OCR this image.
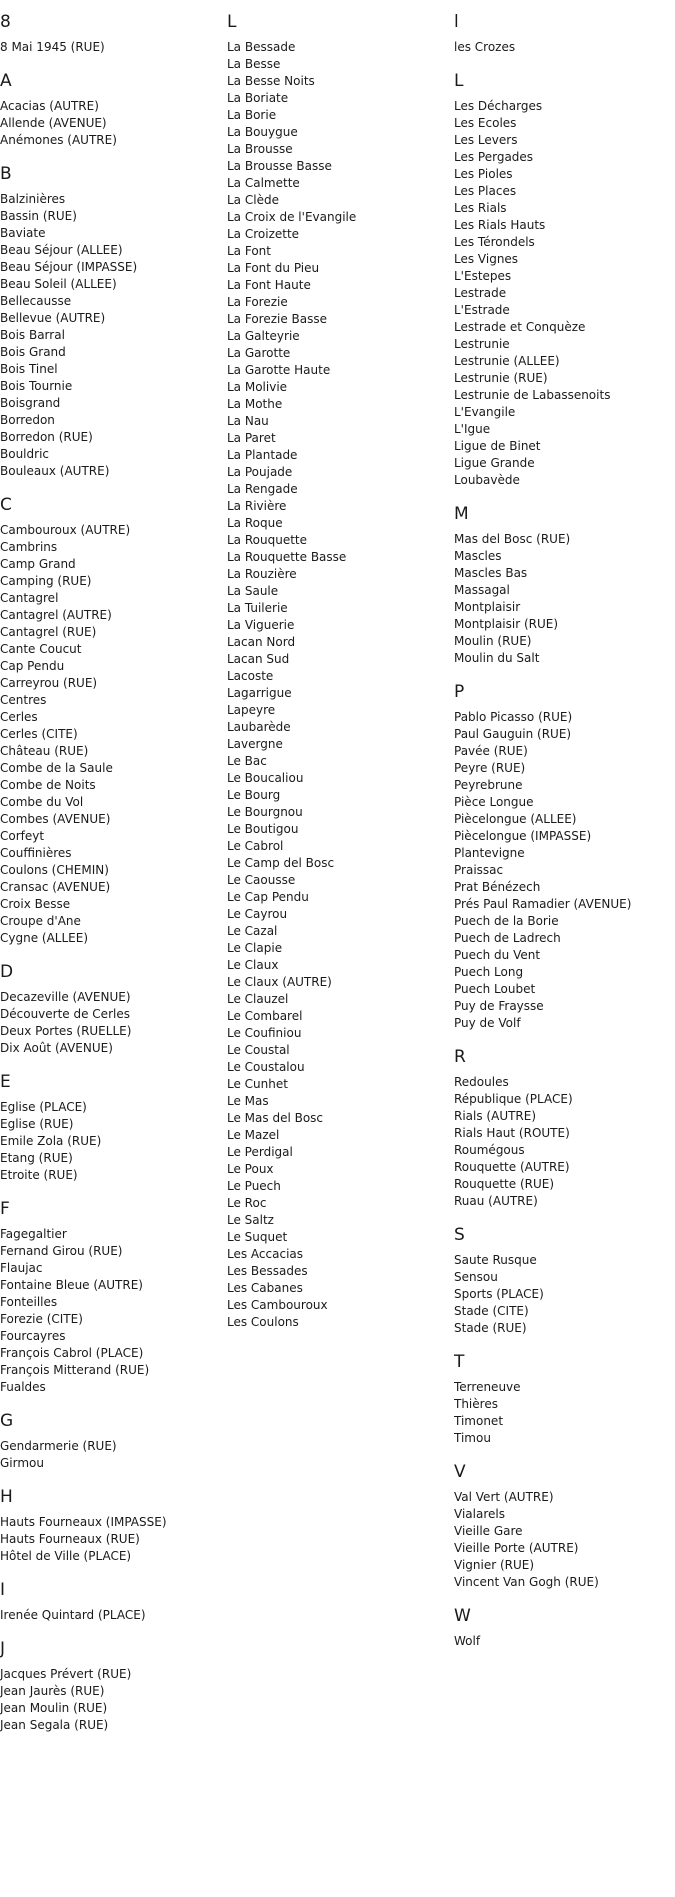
8
8 Mai 1945 (RUE)
A
Acacias (AUTRE)
Allende (AVENUE)
Anémones (AUTRE)
B
Balzinières
Bassin (RUE)
Baviate
Beau Séjour (ALLEE)
Beau Séjour (IMPASSE)
Beau Soleil (ALLEE)
Bellecausse
Bellevue (AUTRE)
Bois Barral
Bois Grand
Bois Tinel
Bois Tournie
Boisgrand
Borredon
Borredon (RUE)
Bouldric
Bouleaux (AUTRE)
C
Cambouroux (AUTRE)
Cambrins
Camp Grand
Camping (RUE)
Cantagrel
Cantagrel (AUTRE)
Cantagrel (RUE)
Cante Coucut
Cap Pendu
Carreyrou (RUE)
Centres
Cerles
Cerles (CITE)
Château (RUE)
Combe de la Saule
Combe de Noits
Combe du Vol
Combes (AVENUE)
Corfeyt
Couffinières
Coulons (CHEMIN)
Cransac (AVENUE)
Croix Besse
Croupe d'Ane
Cygne (ALLEE)
D
Decazeville (AVENUE)
Découverte de Cerles
Deux Portes (RUELLE)
Dix Août (AVENUE)
E
Eglise (PLACE)
Eglise (RUE)
Emile Zola (RUE)
Etang (RUE)
Etroite (RUE)
F
Fagegaltier
Fernand Girou (RUE)
Flaujac
Fontaine Bleue (AUTRE)
Fonteilles
Forezie (CITE)
Fourcayres
François Cabrol (PLACE)
François Mitterand (RUE)
Fualdes
G
Gendarmerie (RUE)
Girmou
H
Hauts Fourneaux (IMPASSE)
Hauts Fourneaux (RUE)
Hôtel de Ville (PLACE)
I
Irenée Quintard (PLACE)
J
Jacques Prévert (RUE)
Jean Jaurès (RUE)
Jean Moulin (RUE)
Jean Segala (RUE)
L
La Bessade
La Besse
La Besse Noits
La Boriate
La Borie
La Bouygue
La Brousse
La Brousse Basse
La Calmette
La Clède
La Croix de l'Evangile
La Croizette
La Font
La Font du Pieu
La Font Haute
La Forezie
La Forezie Basse
La Galteyrie
La Garotte
La Garotte Haute
La Molivie
La Mothe
La Nau
La Paret
La Plantade
La Poujade
La Rengade
La Rivière
La Roque
La Rouquette
La Rouquette Basse
La Rouzière
La Saule
La Tuilerie
La Viguerie
Lacan Nord
Lacan Sud
Lacoste
Lagarrigue
Lapeyre
Laubarède
Lavergne
Le Bac
Le Boucaliou
Le Bourg
Le Bourgnou
Le Boutigou
Le Cabrol
Le Camp del Bosc
Le Caousse
Le Cap Pendu
Le Cayrou
Le Cazal
Le Clapie
Le Claux
Le Claux (AUTRE)
Le Clauzel
Le Combarel
Le Coufiniou
Le Coustal
Le Coustalou
Le Cunhet
Le Mas
Le Mas del Bosc
Le Mazel
Le Perdigal
Le Poux
Le Puech
Le Roc
Le Saltz
Le Suquet
Les Accacias
Les Bessades
Les Cabanes
Les Cambouroux
Les Coulons
l
les Crozes
L
Les Décharges
Les Ecoles
Les Levers
Les Pergades
Les Pioles
Les Places
Les Rials
Les Rials Hauts
Les Térondels
Les Vignes
L'Estepes
Lestrade
L'Estrade
Lestrade et Conquèze
Lestrunie
Lestrunie (ALLEE)
Lestrunie (RUE)
Lestrunie de Labassenoits
L'Evangile
L'Igue
Ligue de Binet
Ligue Grande
Loubavède
M
Mas del Bosc (RUE)
Mascles
Mascles Bas
Massagal
Montplaisir
Montplaisir (RUE)
Moulin (RUE)
Moulin du Salt
P
Pablo Picasso (RUE)
Paul Gauguin (RUE)
Pavée (RUE)
Peyre (RUE)
Peyrebrune
Pièce Longue
Piècelongue (ALLEE)
Piècelongue (IMPASSE)
Plantevigne
Praissac
Prat Bénézech
Prés Paul Ramadier (AVENUE)
Puech de la Borie
Puech de Ladrech
Puech du Vent
Puech Long
Puech Loubet
Puy de Fraysse
Puy de Volf
R
Redoules
République (PLACE)
Rials (AUTRE)
Rials Haut (ROUTE)
Roumégous
Rouquette (AUTRE)
Rouquette (RUE)
Ruau (AUTRE)
S
Saute Rusque
Sensou
Sports (PLACE)
Stade (CITE)
Stade (RUE)
T
Terreneuve
Thières
Timonet
Timou
V
Val Vert (AUTRE)
Vialarels
Vieille Gare
Vieille Porte (AUTRE)
Vignier (RUE)
Vincent Van Gogh (RUE)
W
Wolf
